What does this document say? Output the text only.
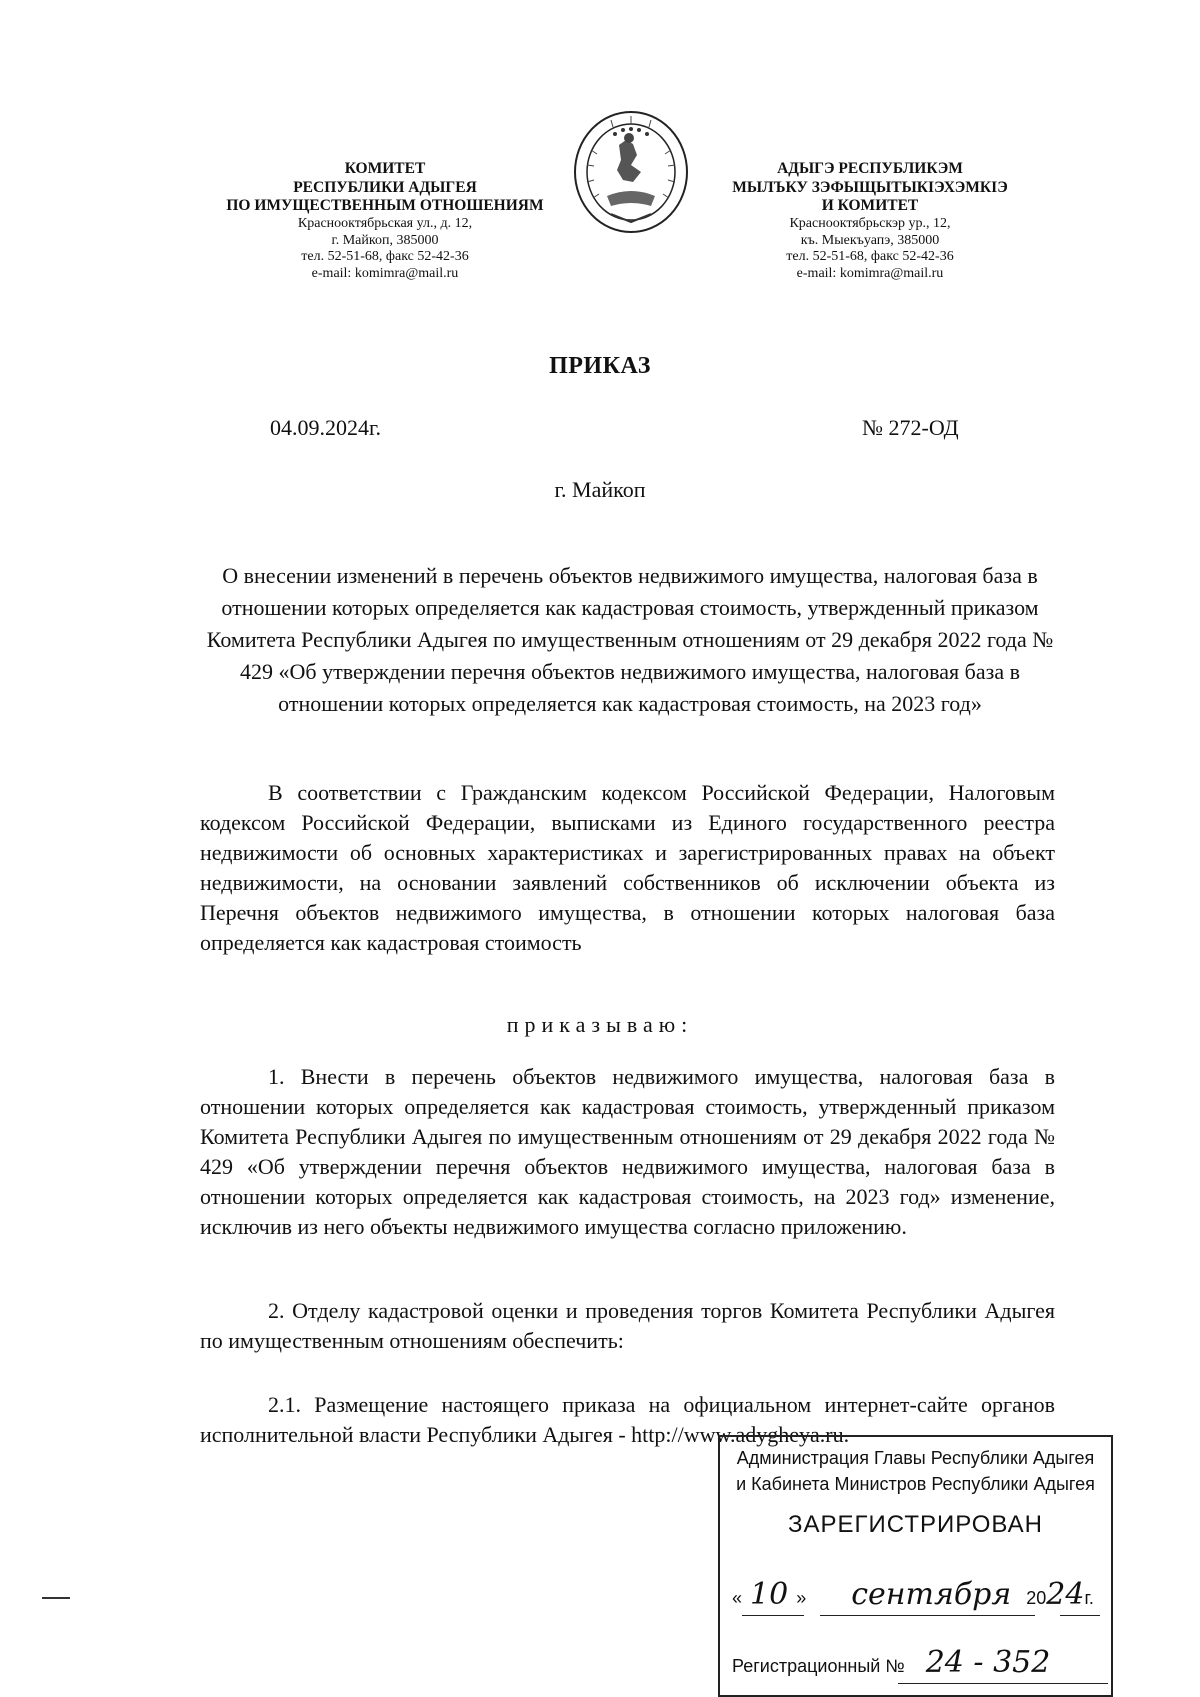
КОМИТЕТ
РЕСПУБЛИКИ АДЫГЕЯ
ПО ИМУЩЕСТВЕННЫМ ОТНОШЕНИЯМ
Краснооктябрьская ул., д. 12,
г. Майкоп, 385000
тел. 52-51-68, факс 52-42-36
e-mail: komimra@mail.ru
АДЫГЭ РЕСПУБЛИКЭМ
МЫЛЪКУ ЗЭФЫЩЫТЫКIЭХЭМКIЭ
И КОМИТЕТ
Краснооктябрьскэр ур., 12,
къ. Мыекъуапэ, 385000
тел. 52-51-68, факс 52-42-36
e-mail: komimra@mail.ru
ПРИКАЗ
04.09.2024г.	№ 272-ОД
г. Майкоп
О внесении изменений в перечень объектов недвижимого имущества, налоговая база в отношении которых определяется как кадастровая стоимость, утвержденный приказом Комитета Республики Адыгея по имущественным отношениям от 29 декабря 2022 года № 429 «Об утверждении перечня объектов недвижимого имущества, налоговая база в отношении которых определяется как кадастровая стоимость, на 2023 год»
В соответствии с Гражданским кодексом Российской Федерации, Налоговым кодексом Российской Федерации, выписками из Единого государственного реестра недвижимости об основных характеристиках и зарегистрированных правах на объект недвижимости, на основании заявлений собственников об исключении объекта из Перечня объектов недвижимого имущества, в отношении которых налоговая база определяется как кадастровая стоимость
приказываю:
1. Внести в перечень объектов недвижимого имущества, налоговая база в отношении которых определяется как кадастровая стоимость, утвержденный приказом Комитета Республики Адыгея по имущественным отношениям от 29 декабря 2022 года № 429 «Об утверждении перечня объектов недвижимого имущества, налоговая база в отношении которых определяется как кадастровая стоимость, на 2023 год» изменение, исключив из него объекты недвижимого имущества согласно приложению.
2. Отделу кадастровой оценки и проведения торгов Комитета Республики Адыгея по имущественным отношениям обеспечить:
2.1. Размещение настоящего приказа на официальном интернет-сайте органов исполнительной власти Республики Адыгея - http://www.adygheya.ru.
Администрация Главы Республики Адыгея
и Кабинета Министров Республики Адыгея
ЗАРЕГИСТРИРОВАН
« 10 » сентября 2024г.
Регистрационный № 24 - 352
